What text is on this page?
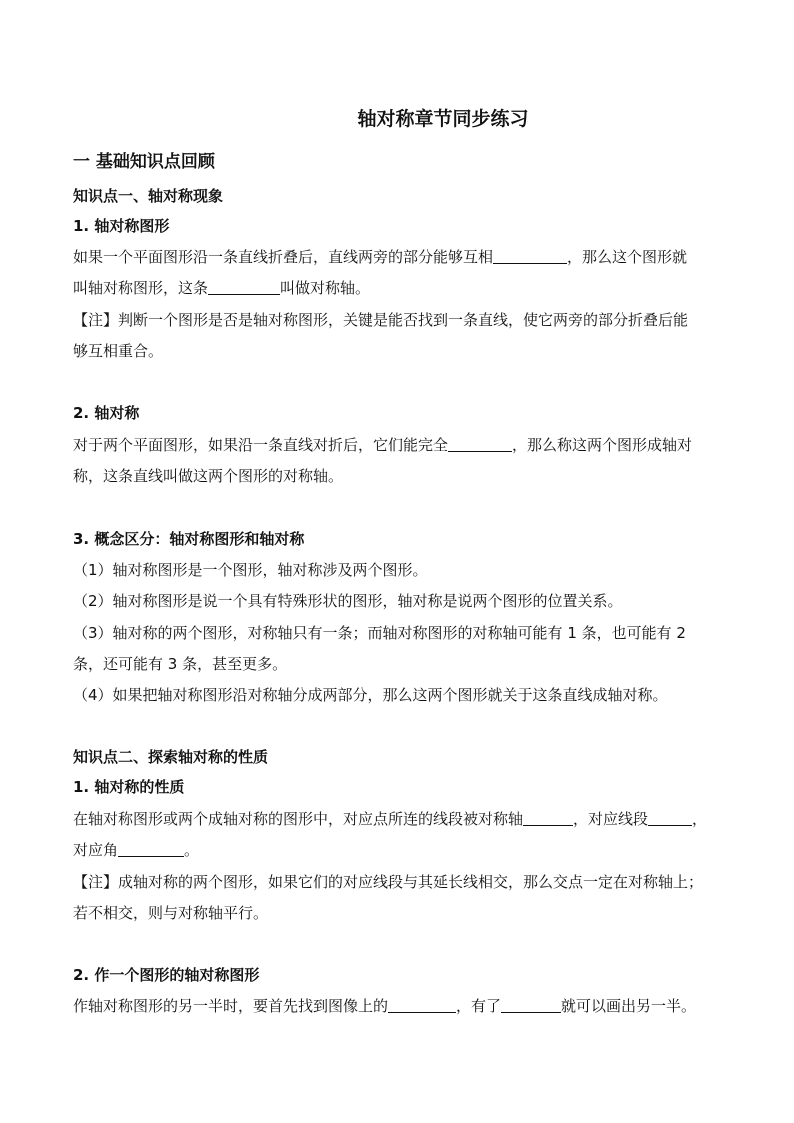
轴对称章节同步练习
一 基础知识点回顾
知识点一、轴对称现象
1. 轴对称图形
如果一个平面图形沿一条直线折叠后，直线两旁的部分能够互相	，那么这个图形就
叫轴对称图形，这条	叫做对称轴。
【注】判断一个图形是否是轴对称图形，关键是能否找到一条直线，使它两旁的部分折叠后能
够互相重合。
2. 轴对称
对于两个平面图形，如果沿一条直线对折后，它们能完全	，那么称这两个图形成轴对
称，这条直线叫做这两个图形的对称轴。
3. 概念区分：轴对称图形和轴对称
（1）轴对称图形是一个图形，轴对称涉及两个图形。
（2）轴对称图形是说一个具有特殊形状的图形，轴对称是说两个图形的位置关系。
（3）轴对称的两个图形，对称轴只有一条；而轴对称图形的对称轴可能有 1 条，也可能有 2
条，还可能有 3 条，甚至更多。
（4）如果把轴对称图形沿对称轴分成两部分，那么这两个图形就关于这条直线成轴对称。
知识点二、探索轴对称的性质
1. 轴对称的性质
在轴对称图形或两个成轴对称的图形中，对应点所连的线段被对称轴	，对应线段	，
对应角	。
【注】成轴对称的两个图形，如果它们的对应线段与其延长线相交，那么交点一定在对称轴上；
若不相交，则与对称轴平行。
2. 作一个图形的轴对称图形
作轴对称图形的另一半时，要首先找到图像上的	，有了	就可以画出另一半。
